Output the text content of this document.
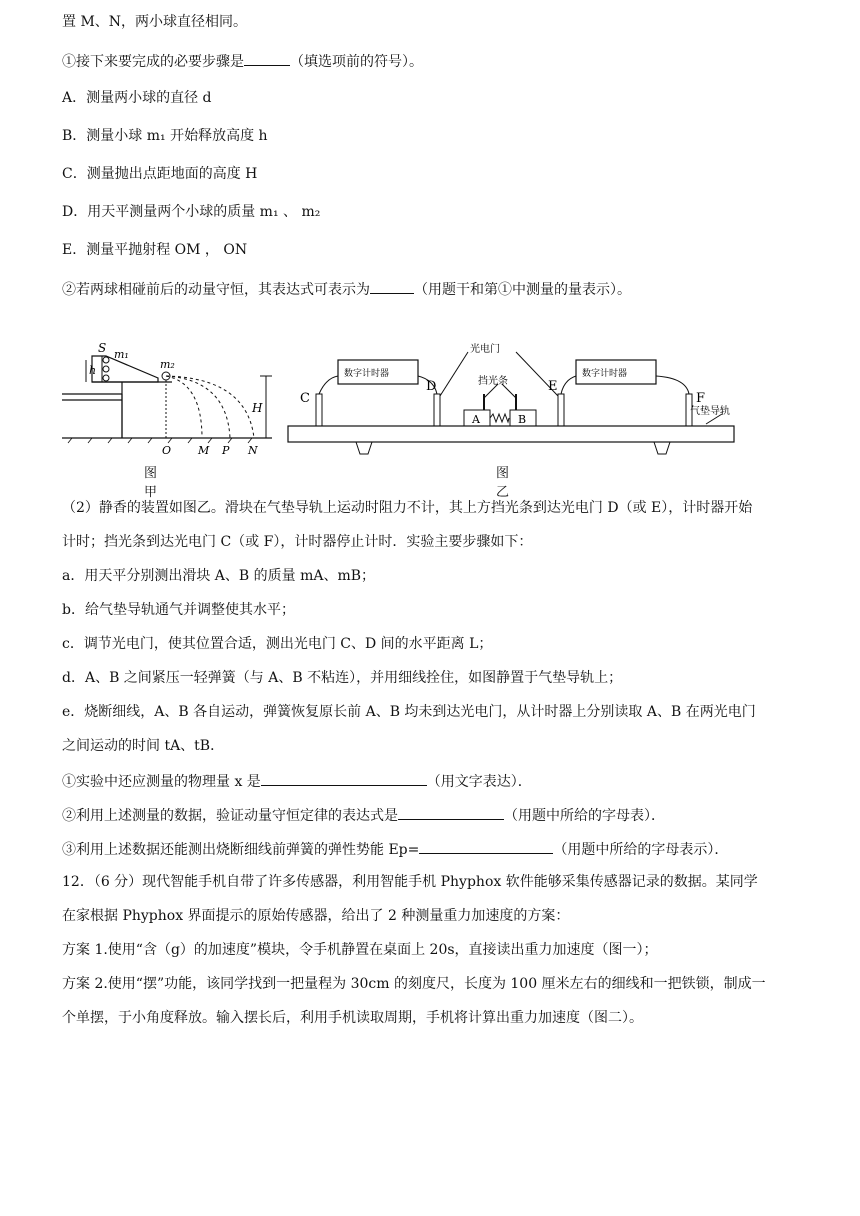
置 M、N，两小球直径相同。
①接下来要完成的必要步骤是	（填选项前的符号）。
A．测量两小球的直径 d
B．测量小球 m₁ 开始释放高度 h
C．测量抛出点距地面的高度 H
D．用天平测量两个小球的质量 m₁ 、 m₂
E．测量平抛射程 OM ， ON
②若两球相碰前后的动量守恒，其表达式可表示为	（用题干和第①中测量的量表示）。
S m₁
m₂
h
H
O M P N
图甲
数字计时器	数字计时器
光电门
挡光条
气垫导轨
C
D	E
F
A	B
图乙
（2）静香的装置如图乙。滑块在气垫导轨上运动时阻力不计，其上方挡光条到达光电门 D（或 E），计时器开始
计时；挡光条到达光电门 C（或 F），计时器停止计时．实验主要步骤如下：
a．用天平分别测出滑块 A、B 的质量 mA、mB；
b．给气垫导轨通气并调整使其水平；
c．调节光电门，使其位置合适，测出光电门 C、D 间的水平距离 L；
d．A、B 之间紧压一轻弹簧（与 A、B 不粘连），并用细线拴住，如图静置于气垫导轨上；
e．烧断细线，A、B 各自运动，弹簧恢复原长前 A、B 均未到达光电门，从计时器上分别读取 A、B 在两光电门
之间运动的时间 tA、tB．
①实验中还应测量的物理量 x 是	（用文字表达）．
②利用上述测量的数据，验证动量守恒定律的表达式是	（用题中所给的字母表）．
③利用上述数据还能测出烧断细线前弹簧的弹性势能 Ep=	（用题中所给的字母表示）．
12．（6 分）现代智能手机自带了许多传感器，利用智能手机 Phyphox 软件能够采集传感器记录的数据。某同学
在家根据 Phyphox 界面提示的原始传感器，给出了 2 种测量重力加速度的方案：
方案 1.使用“含（g）的加速度”模块，令手机静置在桌面上 20s，直接读出重力加速度（图一）；
方案 2.使用“摆”功能，该同学找到一把量程为 30cm 的刻度尺，长度为 100 厘米左右的细线和一把铁锁，制成一
个单摆，于小角度释放。输入摆长后，利用手机读取周期，手机将计算出重力加速度（图二）。
